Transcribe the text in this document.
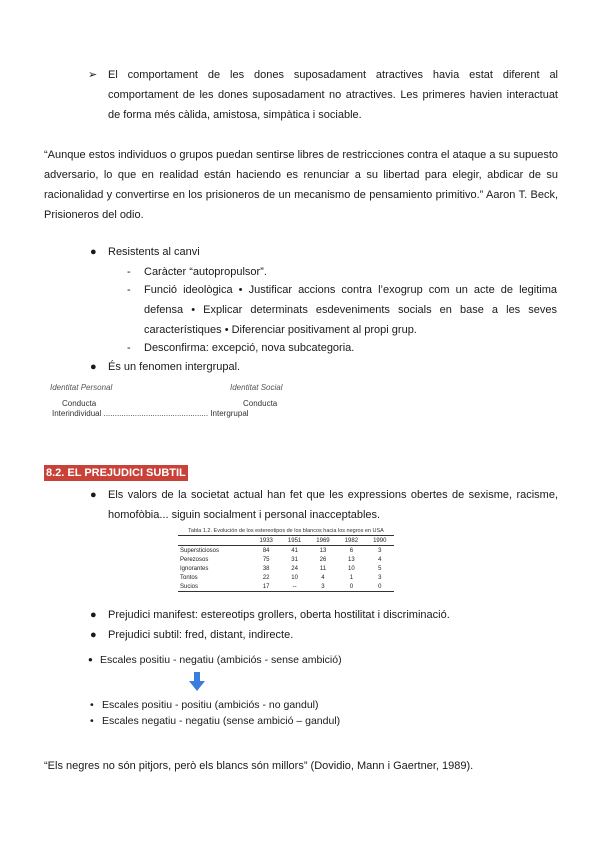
➢ El comportament de les dones suposadament atractives havia estat diferent al comportament de les dones suposadament no atractives. Les primeres havien interactuat de forma més càlida, amistosa, simpàtica i sociable.
“Aunque estos individuos o grupos puedan sentirse libres de restricciones contra el ataque a su supuesto adversario, lo que en realidad están haciendo es renunciar a su libertad para elegir, abdicar de su racionalidad y convertirse en los prisioneros de un mecanismo de pensamiento primitivo.” Aaron T. Beck, Prisioneros del odio.
● Resistents al canvi
- Caràcter “autopropulsor”.
- Funció ideològica • Justificar accions contra l’exogrup com un acte de legitima defensa • Explicar determinats esdeveniments socials en base a les seves característiques • Diferenciar positivament al propi grup.
- Desconfirma: excepció, nova subcategoria.
● És un fenomen intergrupal.
Identitat Personal	Identitat Social
Conducta	Conducta
Interindividual ............................................... Intergrupal
8.2. EL PREJUDICI SUBTIL
● Els valors de la societat actual han fet que les expressions obertes de sexisme, racisme, homofòbia... siguin socialment i personal inacceptables.
Tabla 1.2. Evolución de los estereotipos de los blancos hacia los negros en USA
	1933	1951	1969	1982	1990
Supersticiosos	84	41	13	6	3
Perezosos	75	31	26	13	4
Ignorantes	38	24	11	10	5
Tontos	22	10	4	1	3
Sucios	17	--	3	0	0
● Prejudici manifest: estereotips grollers, oberta hostilitat i discriminació.
● Prejudici subtil: fred, distant, indirecte.
● Escales positiu - negatiu (ambiciós - sense ambició)
• Escales positiu - positiu (ambiciós - no gandul)
• Escales negatiu - negatiu (sense ambició – gandul)
“Els negres no són pitjors, però els blancs són millors” (Dovidio, Mann i Gaertner, 1989).
